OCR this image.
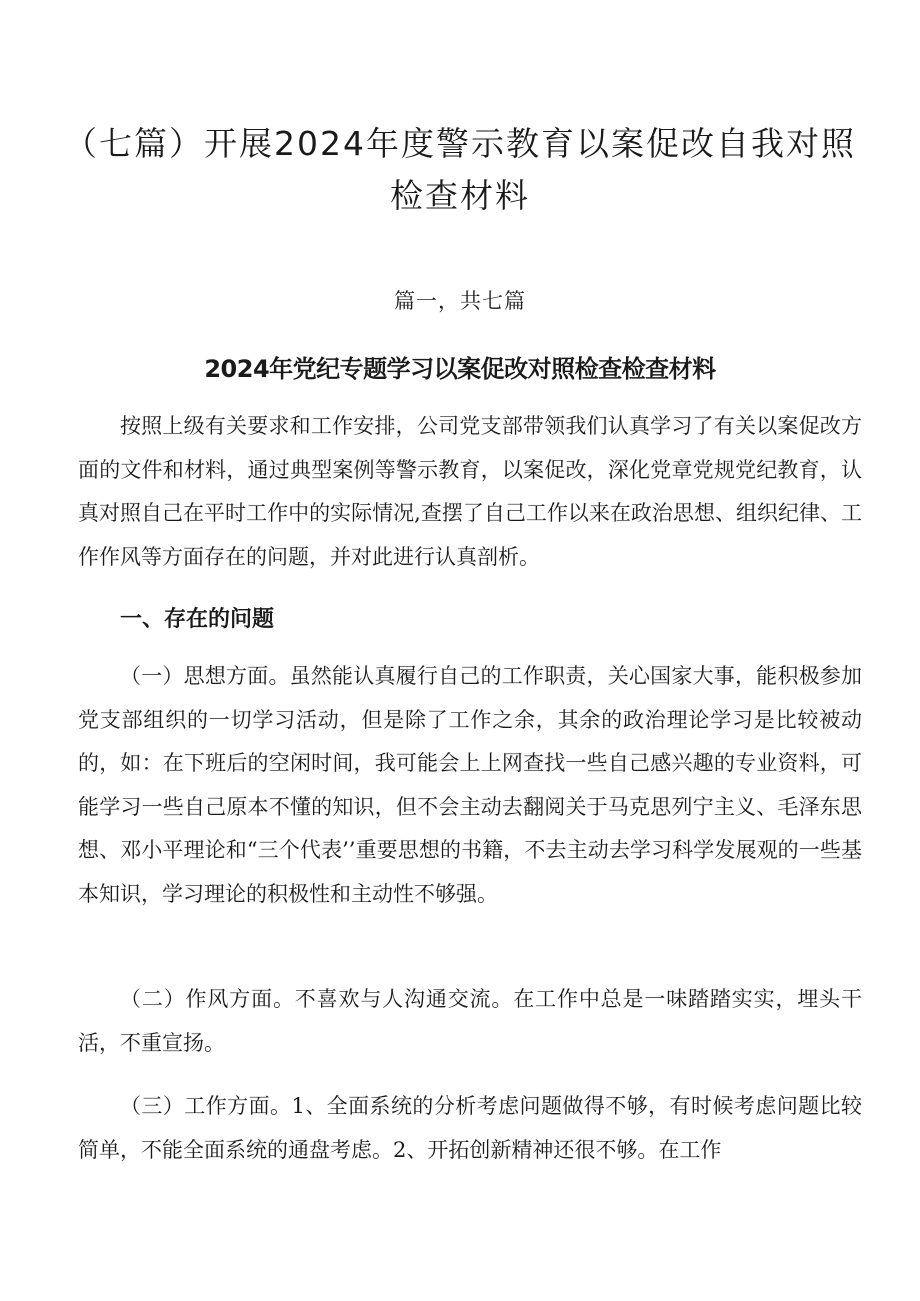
（七篇）开展2024年度警示教育以案促改自我对照检查材料

篇一，共七篇

2024年党纪专题学习以案促改对照检查检查材料

按照上级有关要求和工作安排，公司党支部带领我们认真学习了有关以案促改方面的文件和材料，通过典型案例等警示教育，以案促改，深化党章党规党纪教育，认真对照自己在平时工作中的实际情况,查摆了自己工作以来在政治思想、组织纪律、工作作风等方面存在的问题，并对此进行认真剖析。

一、存在的问题

（一）思想方面。虽然能认真履行自己的工作职责，关心国家大事，能积极参加党支部组织的一切学习活动，但是除了工作之余，其余的政治理论学习是比较被动的，如：在下班后的空闲时间，我可能会上上网查找一些自己感兴趣的专业资料，可能学习一些自己原本不懂的知识，但不会主动去翻阅关于马克思列宁主义、毛泽东思想、邓小平理论和“三个代表’’重要思想的书籍，不去主动去学习科学发展观的一些基本知识，学习理论的积极性和主动性不够强。

（二）作风方面。不喜欢与人沟通交流。在工作中总是一味踏踏实实，埋头干活，不重宣扬。

（三）工作方面。1、全面系统的分析考虑问题做得不够，有时候考虑问题比较简单，不能全面系统的通盘考虑。2、开拓创新精神还很不够。在工作
